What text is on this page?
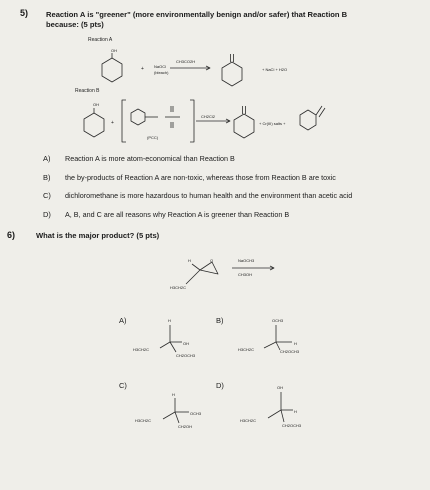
5) Reaction A is "greener" (more environmentally benign and/or safer) that Reaction B
because: (5 pts)
Reaction A
OH
+	NaOCl
(bleach)
CH3CO2H
+ NaCl + H2O
Reaction B
OH
+
(PCC)
CH2Cl2
+ Cr(III) salts +
A) Reaction A is more atom-economical than Reaction B
B) the by-products of Reaction A are non-toxic, whereas those from Reaction B are toxic
C) dichloromethane is more hazardous to human health and the environment than acetic acid
D) A, B, and C are all reasons why Reaction A is greener than Reaction B
6)	What is the major product? (5 pts)
H	O
H3CH2C
NaOCH3
CH3OH
A)	H
OH
H3CH2C
CH2OCH3
B)	OCH3
H
H3CH2C	CH2OCH3
C)
H
OCH3
H3CH2C
CH2OH
D)	OH
H
H3CH2C
CH2OCH3
